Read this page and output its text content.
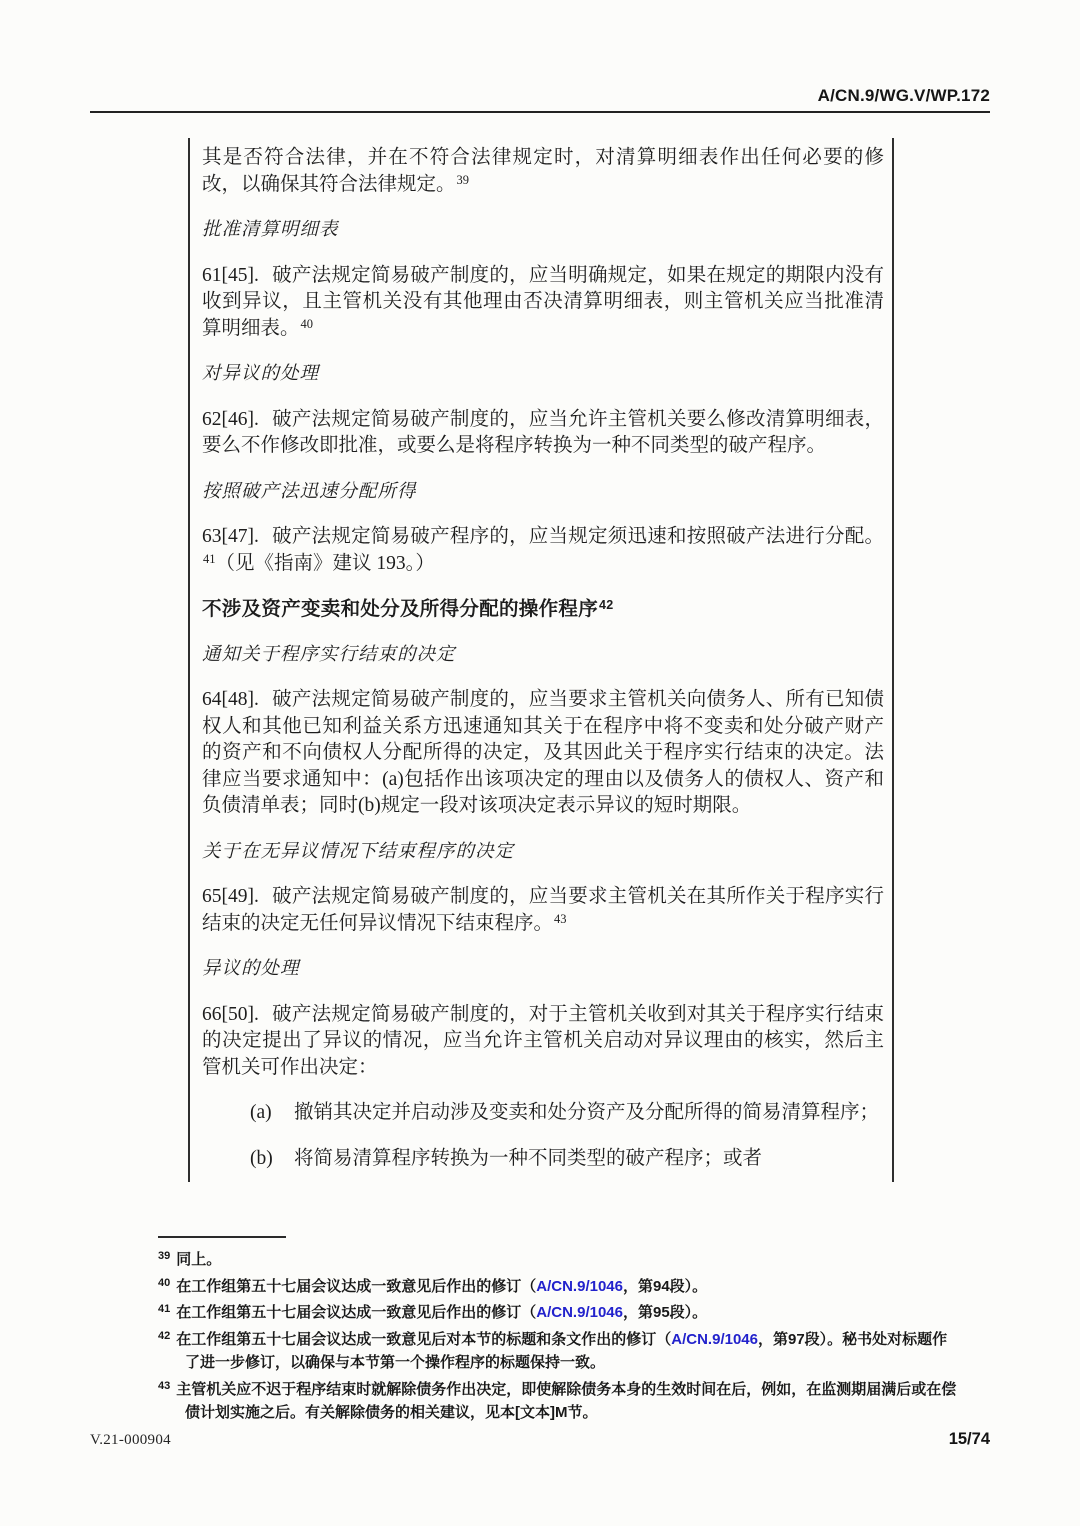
A/CN.9/WG.V/WP.172
其是否符合法律，并在不符合法律规定时，对清算明细表作出任何必要的修改，以确保其符合法律规定。$^{39}$
批准清算明细表
61[45]. 破产法规定简易破产制度的，应当明确规定，如果在规定的期限内没有收到异议，且主管机关没有其他理由否决清算明细表，则主管机关应当批准清算明细表。$^{40}$
对异议的处理
62[46]. 破产法规定简易破产制度的，应当允许主管机关要么修改清算明细表，要么不作修改即批准，或要么是将程序转换为一种不同类型的破产程序。
按照破产法迅速分配所得
63[47]. 破产法规定简易破产程序的，应当规定须迅速和按照破产法进行分配。$^{41}$（见《指南》建议 193。）
不涉及资产变卖和处分及所得分配的操作程序$^{42}$
通知关于程序实行结束的决定
64[48]. 破产法规定简易破产制度的，应当要求主管机关向债务人、所有已知债权人和其他已知利益关系方迅速通知其关于在程序中将不变卖和处分破产财产的资产和不向债权人分配所得的决定，及其因此关于程序实行结束的决定。法律应当要求通知中：(a)包括作出该项决定的理由以及债务人的债权人、资产和负债清单表；同时(b)规定一段对该项决定表示异议的短时期限。
关于在无异议情况下结束程序的决定
65[49]. 破产法规定简易破产制度的，应当要求主管机关在其所作关于程序实行结束的决定无任何异议情况下结束程序。$^{43}$
异议的处理
66[50]. 破产法规定简易破产制度的，对于主管机关收到对其关于程序实行结束的决定提出了异议的情况，应当允许主管机关启动对异议理由的核实，然后主管机关可作出决定：
(a) 撤销其决定并启动涉及变卖和处分资产及分配所得的简易清算程序；
(b) 将简易清算程序转换为一种不同类型的破产程序；或者
$^{39}$ 同上。
$^{40}$ 在工作组第五十七届会议达成一致意见后作出的修订（A/CN.9/1046，第94段）。
$^{41}$ 在工作组第五十七届会议达成一致意见后作出的修订（A/CN.9/1046，第95段）。
$^{42}$ 在工作组第五十七届会议达成一致意见后对本节的标题和条文作出的修订（A/CN.9/1046，第97段）。秘书处对标题作了进一步修订，以确保与本节第一个操作程序的标题保持一致。
$^{43}$ 主管机关应不迟于程序结束时就解除债务作出决定，即使解除债务本身的生效时间在后，例如，在监测期届满后或在偿债计划实施之后。有关解除债务的相关建议，见本[文本]M节。
V.21-000904	15/74
